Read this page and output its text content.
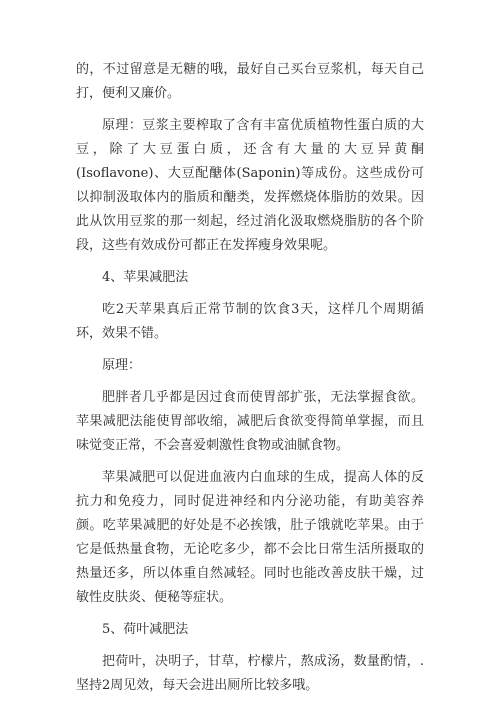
的，不过留意是无糖的哦，最好自己买台豆浆机，每天自己打，便利又廉价。

原理：豆浆主要榨取了含有丰富优质植物性蛋白质的大豆，除了大豆蛋白质，还含有大量的大豆异黄酮(Isoflavone)、大豆配醣体(Saponin)等成份。这些成份可以抑制汲取体内的脂质和醣类，发挥燃烧体脂肪的效果。因此从饮用豆浆的那一刻起，经过消化汲取燃烧脂肪的各个阶段，这些有效成份可都正在发挥瘦身效果呢。

4、苹果减肥法

吃2天苹果真后正常节制的饮食3天，这样几个周期循环，效果不错。

原理：

肥胖者几乎都是因过食而使胃部扩张，无法掌握食欲。苹果减肥法能使胃部收缩，减肥后食欲变得简单掌握，而且味觉变正常，不会喜爱刺激性食物或油腻食物。

苹果减肥可以促进血液内白血球的生成，提高人体的反抗力和免疫力，同时促进神经和内分泌功能，有助美容养颜。吃苹果减肥的好处是不必挨饿，肚子饿就吃苹果。由于它是低热量食物，无论吃多少，都不会比日常生活所摄取的热量还多，所以体重自然减轻。同时也能改善皮肤干燥，过敏性皮肤炎、便秘等症状。

5、荷叶减肥法

把荷叶，决明子，甘草，柠檬片，熬成汤，数量酌情，.坚持2周见效，每天会进出厕所比较多哦。
